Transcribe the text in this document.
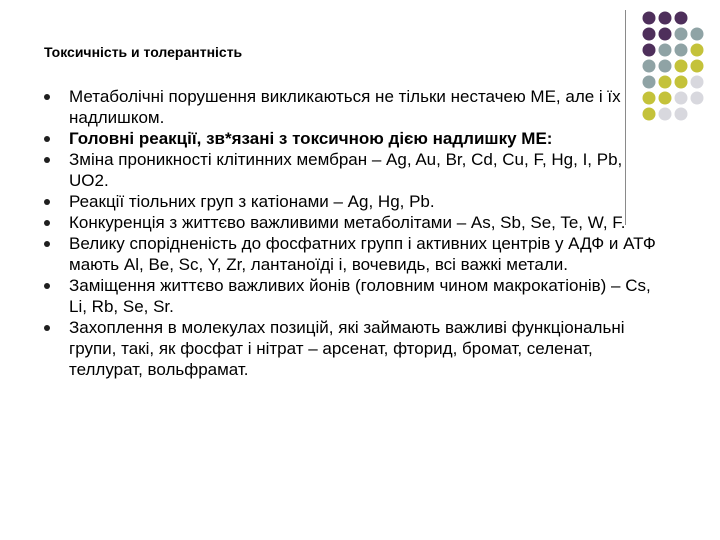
Токсичність и толерантність
Метаболічні порушення викликаються не тільки нестачею МЕ, але і їх надлишком.
Головні реакції, зв*язані з токсичною дією надлишку МЕ:
Зміна проникності клітинних мембран – Ag, Au, Br, Cd, Cu, F, Hg, I, Pb, UO2.
Реакції тіольних груп з катіонами – Ag, Hg, Pb.
Конкуренція з життєво важливими метаболітами – As, Sb, Se, Te, W, F.
Велику спорідненість до фосфатних групп і активних центрів у АДФ и АТФ мають Al, Be, Sc, Y, Zr, лантаноїді і, вочевидь, всі важкі метали.
Заміщення життєво важливих йонів (головним чином макрокатіонів) – Cs, Li, Rb, Se, Sr.
Захоплення в молекулах позицій, які займають важливі функціональні групи, такі, як фосфат і нітрат – арсенат, фторид, бромат, селенат, теллурат, вольфрамат.
